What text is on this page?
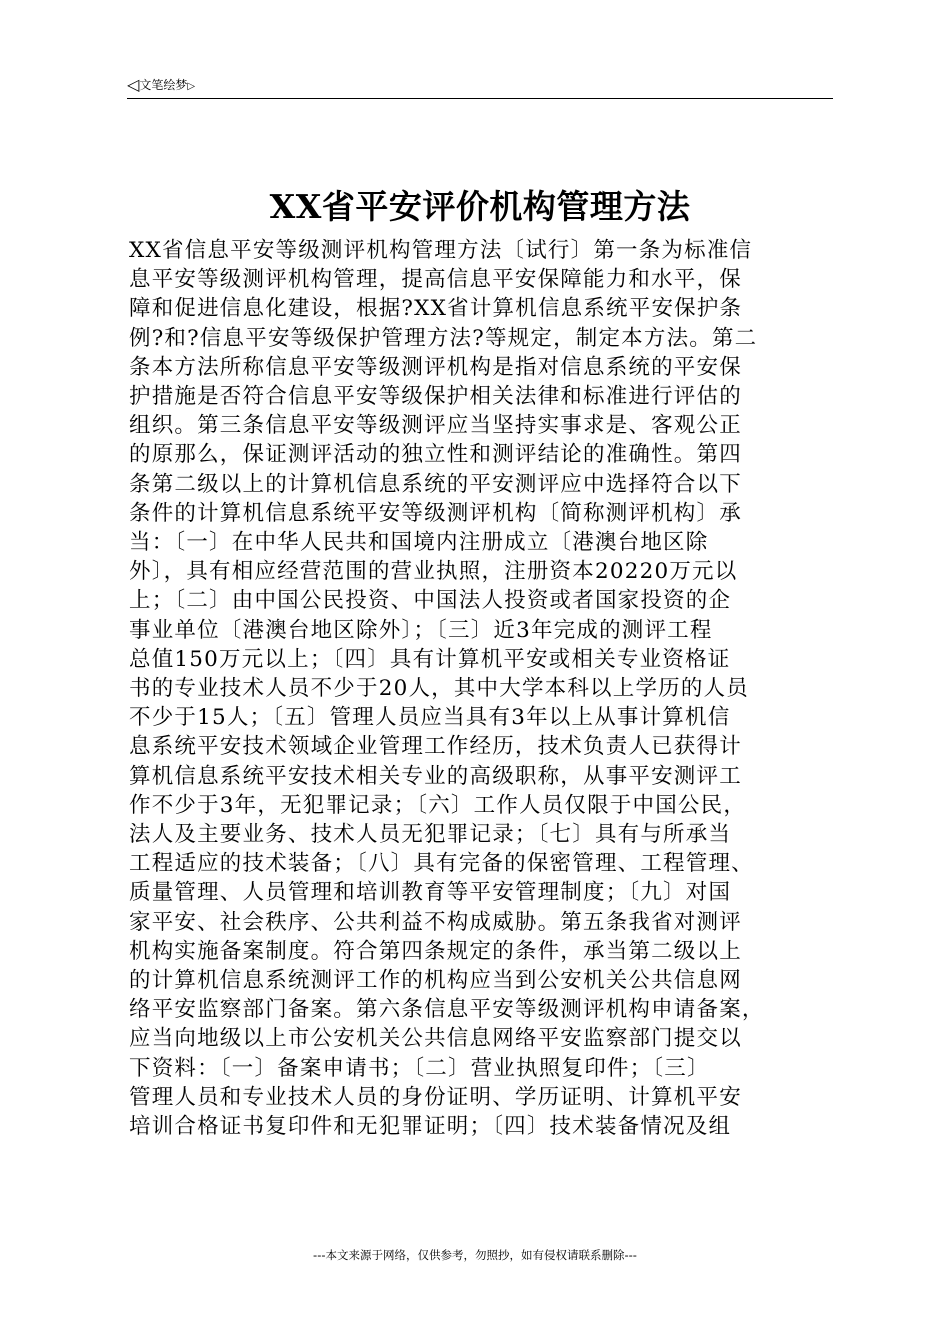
◁文笔绘梦▷
XX省平安评价机构管理方法
XX省信息平安等级测评机构管理方法〔试行〕第一条为标准信
息平安等级测评机构管理，提高信息平安保障能力和水平，保
障和促进信息化建设，根据?XX省计算机信息系统平安保护条
例?和?信息平安等级保护管理方法?等规定，制定本方法。第二
条本方法所称信息平安等级测评机构是指对信息系统的平安保
护措施是否符合信息平安等级保护相关法律和标准进行评估的
组织。第三条信息平安等级测评应当坚持实事求是、客观公正
的原那么，保证测评活动的独立性和测评结论的准确性。第四
条第二级以上的计算机信息系统的平安测评应中选择符合以下
条件的计算机信息系统平安等级测评机构〔简称测评机构〕承
当：〔一〕在中华人民共和国境内注册成立〔港澳台地区除
外〕，具有相应经营范围的营业执照，注册资本20220万元以
上；〔二〕由中国公民投资、中国法人投资或者国家投资的企
事业单位〔港澳台地区除外〕；〔三〕近3年完成的测评工程
总值150万元以上；〔四〕具有计算机平安或相关专业资格证
书的专业技术人员不少于20人，其中大学本科以上学历的人员
不少于15人；〔五〕管理人员应当具有3年以上从事计算机信
息系统平安技术领域企业管理工作经历，技术负责人已获得计
算机信息系统平安技术相关专业的高级职称，从事平安测评工
作不少于3年，无犯罪记录；〔六〕工作人员仅限于中国公民，
法人及主要业务、技术人员无犯罪记录；〔七〕具有与所承当
工程适应的技术装备；〔八〕具有完备的保密管理、工程管理、
质量管理、人员管理和培训教育等平安管理制度；〔九〕对国
家平安、社会秩序、公共利益不构成威胁。第五条我省对测评
机构实施备案制度。符合第四条规定的条件，承当第二级以上
的计算机信息系统测评工作的机构应当到公安机关公共信息网
络平安监察部门备案。第六条信息平安等级测评机构申请备案，
应当向地级以上市公安机关公共信息网络平安监察部门提交以
下资料：〔一〕备案申请书；〔二〕营业执照复印件；〔三〕
管理人员和专业技术人员的身份证明、学历证明、计算机平安
培训合格证书复印件和无犯罪证明；〔四〕技术装备情况及组
---本文来源于网络，仅供参考，勿照抄，如有侵权请联系删除---
